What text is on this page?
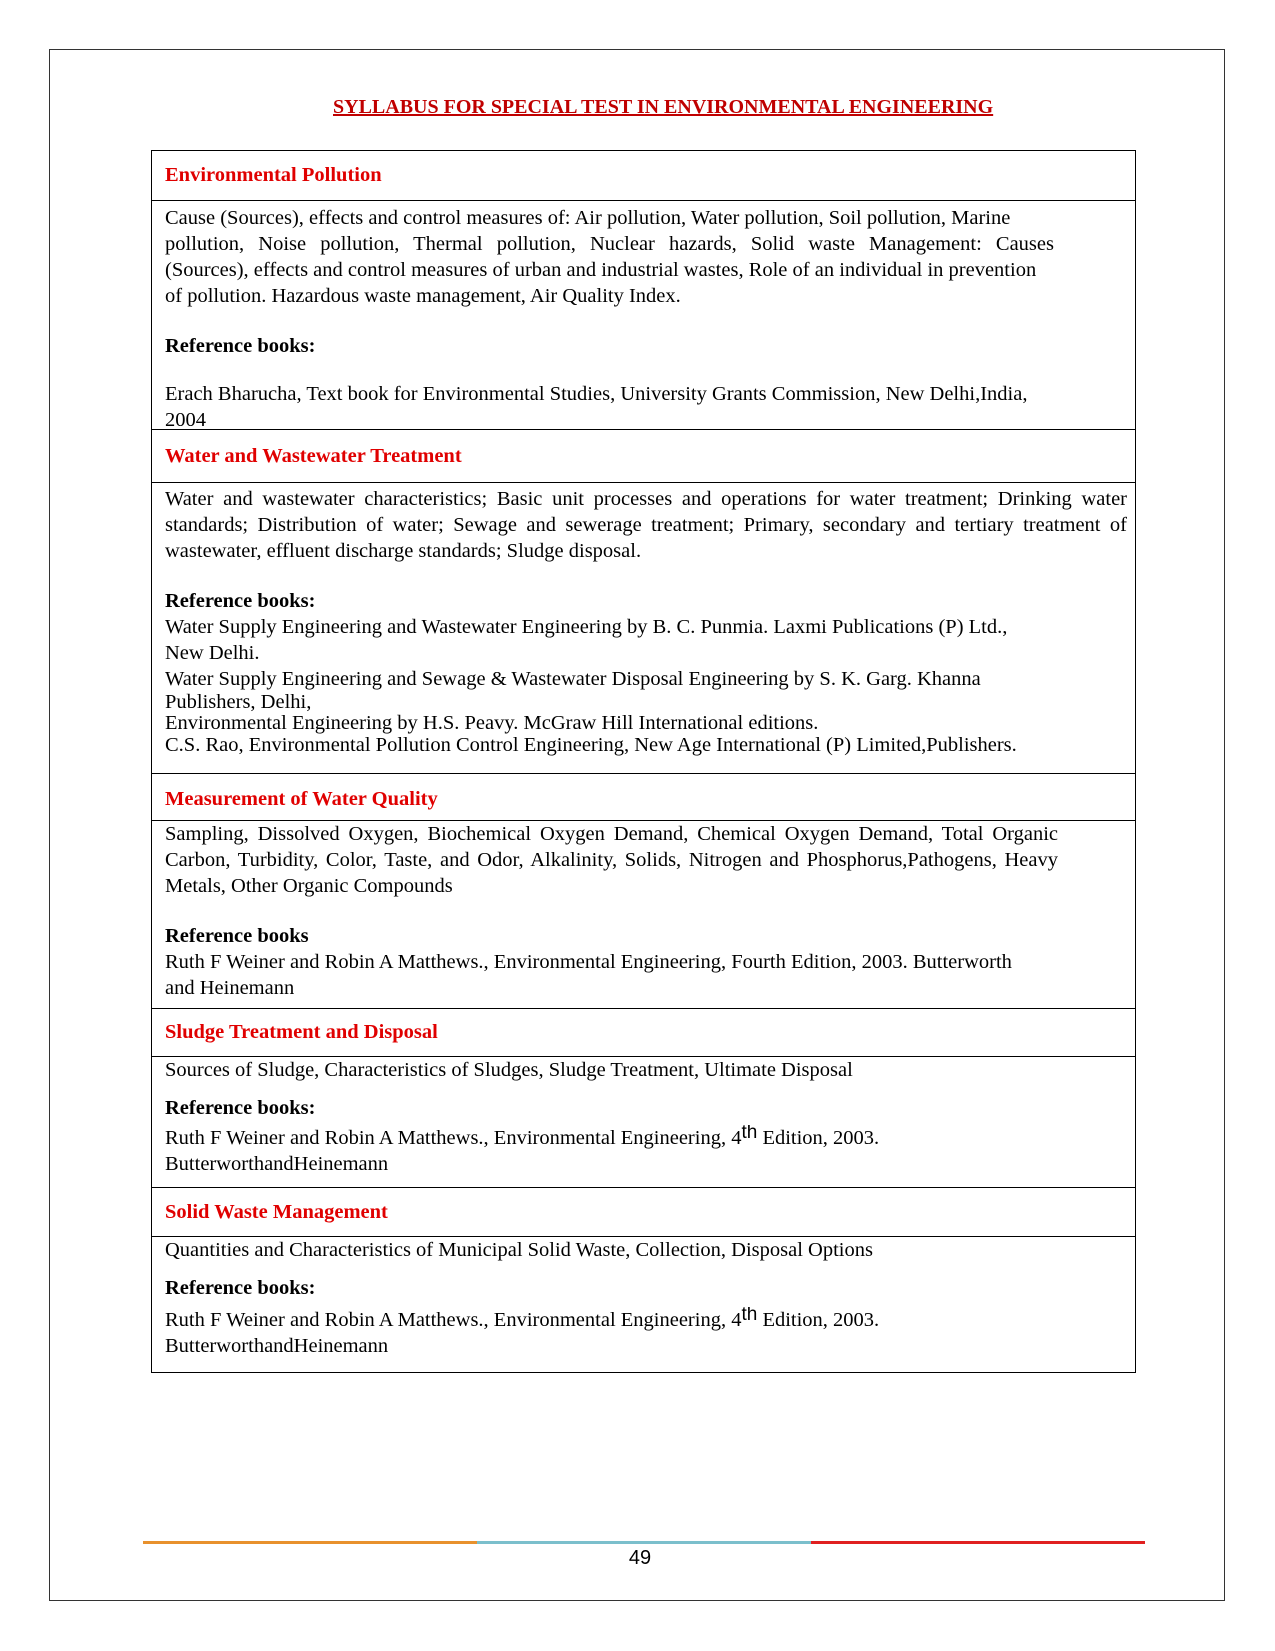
SYLLABUS FOR SPECIAL TEST IN ENVIRONMENTAL ENGINEERING
Environmental Pollution
Cause (Sources), effects and control measures of: Air pollution, Water pollution, Soil pollution, Marine
pollution, Noise pollution, Thermal pollution, Nuclear hazards, Solid waste Management: Causes
(Sources), effects and control measures of urban and industrial wastes, Role of an individual in prevention
of pollution. Hazardous waste management, Air Quality Index.
Reference books:
Erach Bharucha, Text book for Environmental Studies, University Grants Commission, New Delhi,India,
2004
Water and Wastewater Treatment
Water and wastewater characteristics; Basic unit processes and operations for water treatment; Drinking water standards; Distribution of water; Sewage and sewerage treatment; Primary, secondary and tertiary treatment of wastewater, effluent discharge standards; Sludge disposal.
Reference books:
Water Supply Engineering and Wastewater Engineering by B. C. Punmia. Laxmi Publications (P) Ltd.,
New Delhi.
Water Supply Engineering and Sewage & Wastewater Disposal Engineering by S. K. Garg. Khanna
Publishers, Delhi,
Environmental Engineering by H.S. Peavy. McGraw Hill International editions.
C.S. Rao, Environmental Pollution Control Engineering, New Age International (P) Limited,Publishers.
Measurement of Water Quality
Sampling, Dissolved Oxygen, Biochemical Oxygen Demand, Chemical Oxygen Demand, Total Organic Carbon, Turbidity, Color, Taste, and Odor, Alkalinity, Solids, Nitrogen and Phosphorus,Pathogens, Heavy Metals, Other Organic Compounds
Reference books
Ruth F Weiner and Robin A Matthews., Environmental Engineering, Fourth Edition, 2003. Butterworth
and Heinemann
Sludge Treatment and Disposal
Sources of Sludge, Characteristics of Sludges, Sludge Treatment, Ultimate Disposal
Reference books:
Ruth F Weiner and Robin A Matthews., Environmental Engineering, 4th Edition, 2003.
ButterworthandHeinemann
Solid Waste Management
Quantities and Characteristics of Municipal Solid Waste, Collection, Disposal Options
Reference books:
Ruth F Weiner and Robin A Matthews., Environmental Engineering, 4th Edition, 2003.
ButterworthandHeinemann
49
